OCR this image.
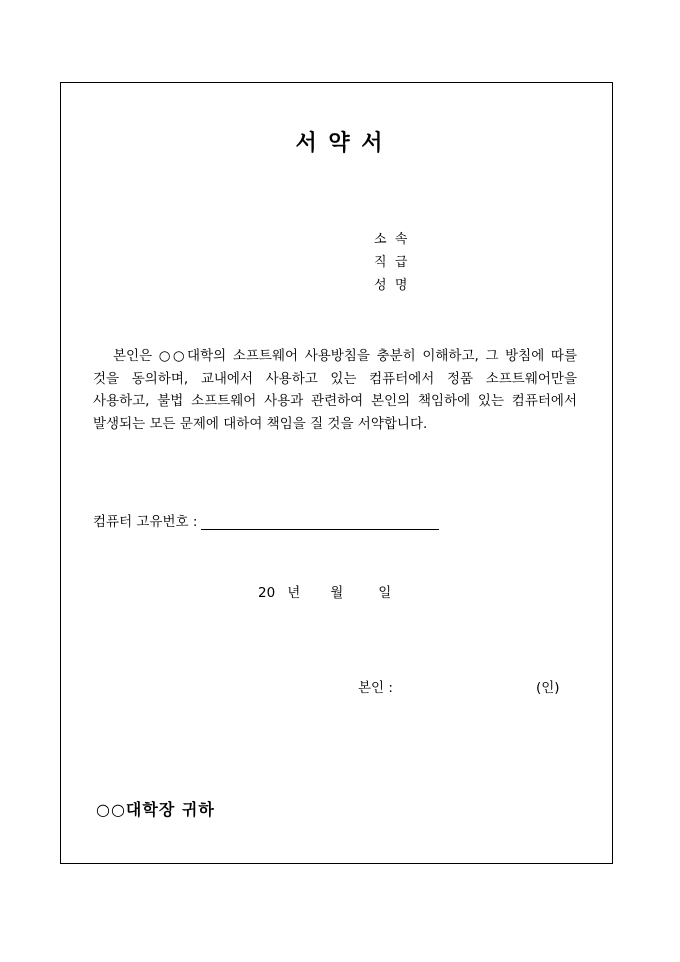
서 약 서
소  속
직  급
성  명
본인은 ○○대학의 소프트웨어 사용방침을 충분히 이해하고, 그 방침에 따를 것을 동의하며, 교내에서 사용하고 있는 컴퓨터에서 정품 소프트웨어만을 사용하고, 불법 소프트웨어 사용과 관련하여 본인의 책임하에 있는 컴퓨터에서 발생되는 모든 문제에 대하여 책임을 질 것을 서약합니다.
컴퓨터 고유번호 :
20 년 월	일
본인 :	(인)
○○대학장 귀하
